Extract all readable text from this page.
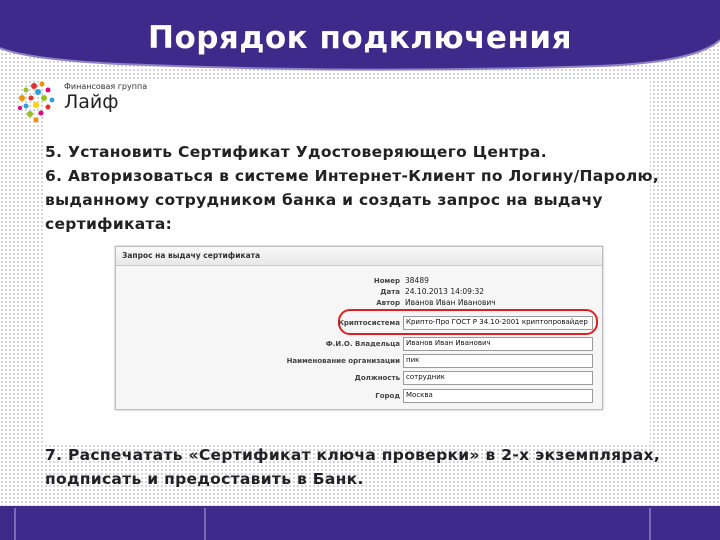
Порядок подключения
Финансовая группа
Лайф
5. Установить Сертификат Удостоверяющего Центра.
6. Авторизоваться в системе Интернет-Клиент по Логину/Паролю, выданному сотрудником банка и создать запрос на выдачу сертификата:
Запрос на выдачу сертификата
Номер 38489
Дата 24.10.2013 14:09:32
Автор Иванов Иван Иванович
Криптосистема Крипто-Про ГОСТ Р 34.10-2001 криптопровайдер
Ф.И.О. Владельца Иванов Иван Иванович
Наименование организации пик
Должность сотрудник
Город Москва
7. Распечатать «Сертификат ключа проверки» в 2-х экземплярах, подписать и предоставить в Банк.
